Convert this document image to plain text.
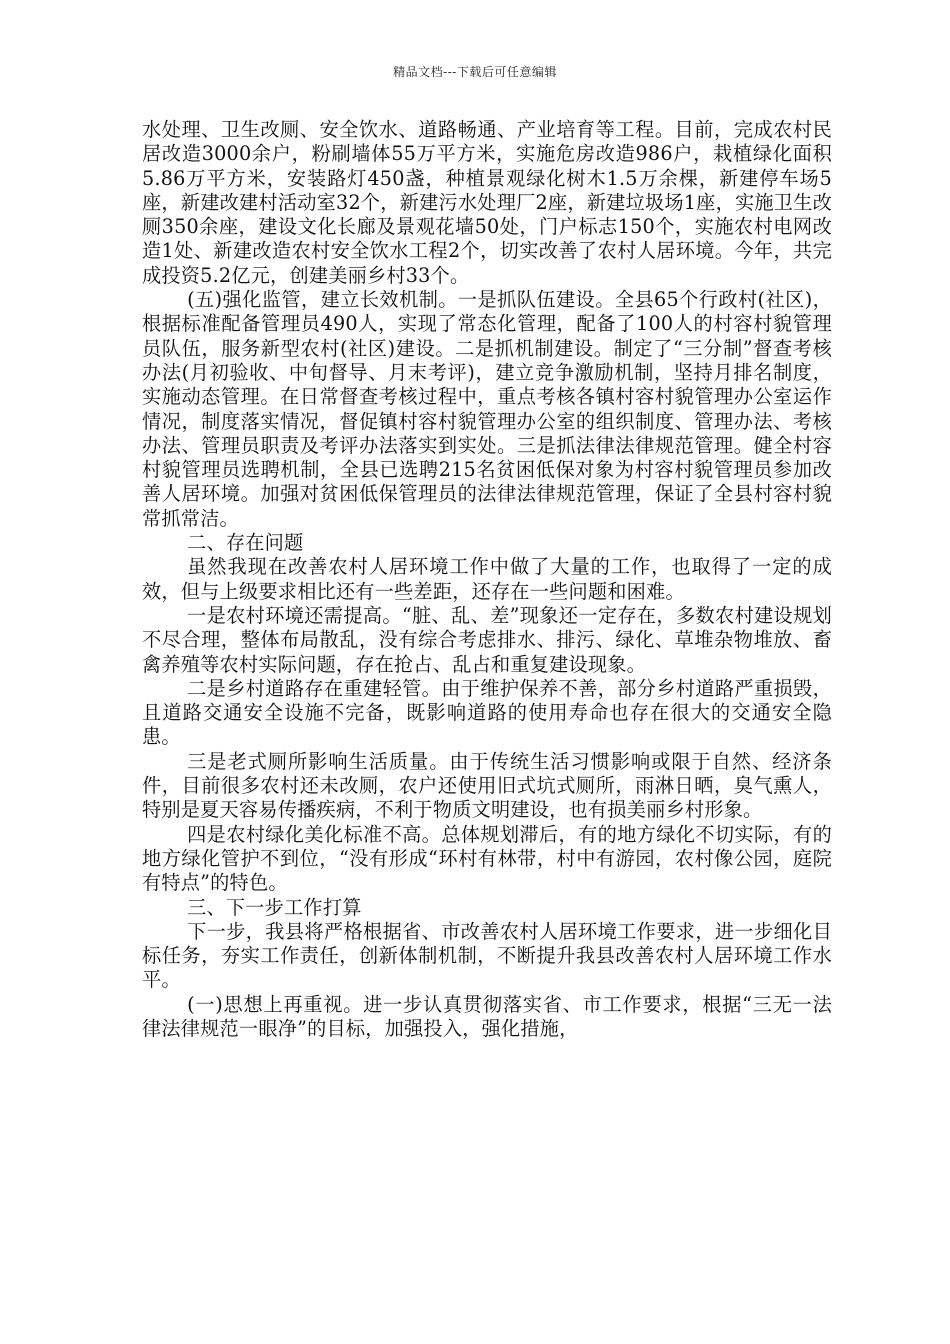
精品文档---下载后可任意编辑

水处理、卫生改厕、安全饮水、道路畅通、产业培育等工程。目前，完成农村民居改造3000余户，粉刷墙体55万平方米，实施危房改造986户，栽植绿化面积5.86万平方米，安装路灯450盏，种植景观绿化树木1.5万余棵，新建停车场5座，新建改建村活动室32个，新建污水处理厂2座，新建垃圾场1座，实施卫生改厕350余座，建设文化长廊及景观花墙50处，门户标志150个，实施农村电网改造1处、新建改造农村安全饮水工程2个，切实改善了农村人居环境。今年，共完成投资5.2亿元，创建美丽乡村33个。

(五)强化监管，建立长效机制。一是抓队伍建设。全县65个行政村(社区)，根据标准配备管理员490人，实现了常态化管理，配备了100人的村容村貌管理员队伍，服务新型农村(社区)建设。二是抓机制建设。制定了“三分制”督查考核办法(月初验收、中旬督导、月末考评)，建立竞争激励机制，坚持月排名制度，实施动态管理。在日常督查考核过程中，重点考核各镇村容村貌管理办公室运作情况，制度落实情况，督促镇村容村貌管理办公室的组织制度、管理办法、考核办法、管理员职责及考评办法落实到实处。三是抓法律法律规范管理。健全村容村貌管理员选聘机制，全县已选聘215名贫困低保对象为村容村貌管理员参加改善人居环境。加强对贫困低保管理员的法律法律规范管理，保证了全县村容村貌常抓常洁。

二、存在问题

虽然我现在改善农村人居环境工作中做了大量的工作，也取得了一定的成效，但与上级要求相比还有一些差距，还存在一些问题和困难。

一是农村环境还需提高。“脏、乱、差”现象还一定存在，多数农村建设规划不尽合理，整体布局散乱，没有综合考虑排水、排污、绿化、草堆杂物堆放、畜禽养殖等农村实际问题，存在抢占、乱占和重复建设现象。

二是乡村道路存在重建轻管。由于维护保养不善，部分乡村道路严重损毁，且道路交通安全设施不完备，既影响道路的使用寿命也存在很大的交通安全隐患。

三是老式厕所影响生活质量。由于传统生活习惯影响或限于自然、经济条件，目前很多农村还未改厕，农户还使用旧式坑式厕所，雨淋日晒，臭气熏人，特别是夏天容易传播疾病，不利于物质文明建设，也有损美丽乡村形象。

四是农村绿化美化标准不高。总体规划滞后，有的地方绿化不切实际，有的地方绿化管护不到位，“没有形成“环村有林带，村中有游园，农村像公园，庭院有特点”的特色。

三、下一步工作打算

下一步，我县将严格根据省、市改善农村人居环境工作要求，进一步细化目标任务，夯实工作责任，创新体制机制，不断提升我县改善农村人居环境工作水平。

(一)思想上再重视。进一步认真贯彻落实省、市工作要求，根据“三无一法律法律规范一眼净”的目标，加强投入，强化措施，
